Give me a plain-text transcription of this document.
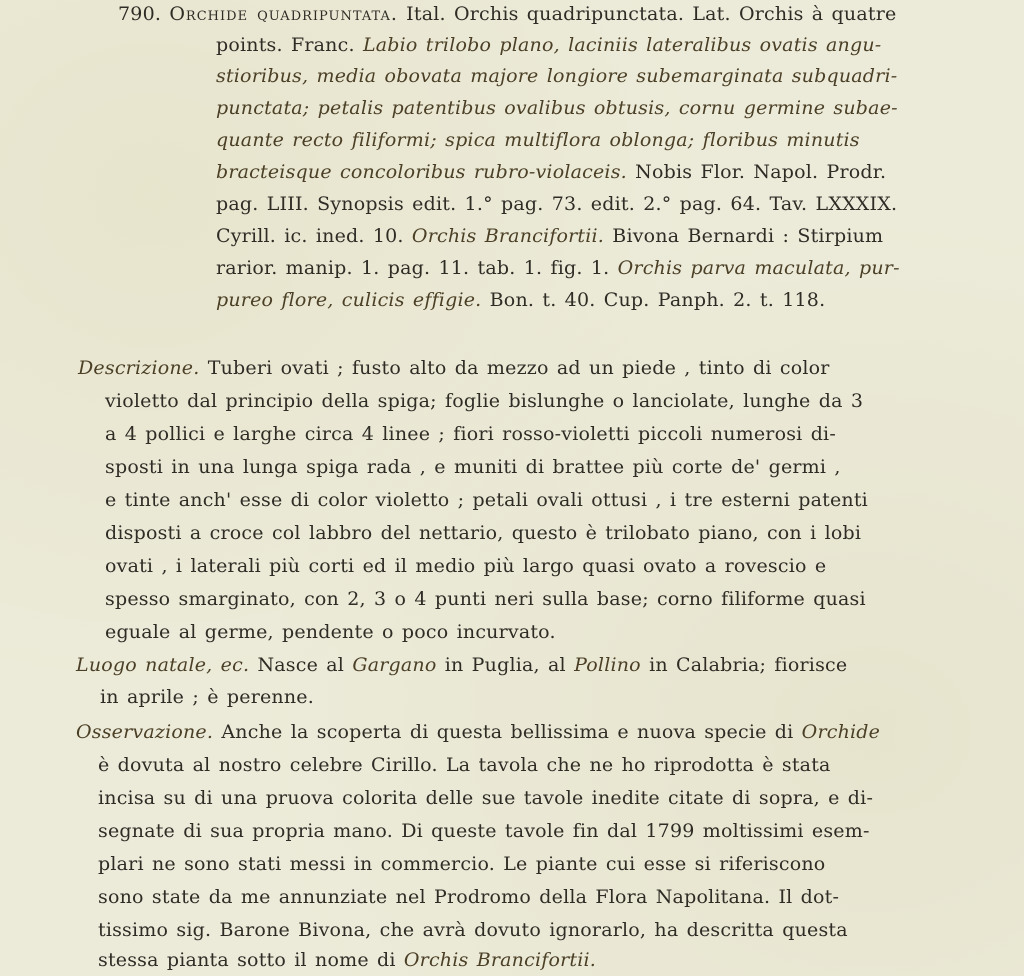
790. Orchide quadripuntata. Ital. Orchis quadripunctata. Lat. Orchis à quatre
points. Franc. Labio trilobo plano, laciniis lateralibus ovatis angu-
stioribus, media obovata majore longiore subemarginata subquadri-
punctata; petalis patentibus ovalibus obtusis, cornu germine subae-
quante recto filiformi; spica multiflora oblonga; floribus minutis
bracteisque concoloribus rubro-violaceis. Nobis Flor. Napol. Prodr.
pag. LIII. Synopsis edit. 1.° pag. 73. edit. 2.° pag. 64. Tav. LXXXIX.
Cyrill. ic. ined. 10. Orchis Brancifortii. Bivona Bernardi : Stirpium
rarior. manip. 1. pag. 11. tab. 1. fig. 1. Orchis parva maculata, pur-
pureo flore, culicis effigie. Bon. t. 40. Cup. Panph. 2. t. 118.
Descrizione. Tuberi ovati ; fusto alto da mezzo ad un piede , tinto di color
violetto dal principio della spiga; foglie bislunghe o lanciolate, lunghe da 3
a 4 pollici e larghe circa 4 linee ; fiori rosso-violetti piccoli numerosi di-
sposti in una lunga spiga rada , e muniti di brattee più corte de' germi ,
e tinte anch' esse di color violetto ; petali ovali ottusi , i tre esterni patenti
disposti a croce col labbro del nettario, questo è trilobato piano, con i lobi
ovati , i laterali più corti ed il medio più largo quasi ovato a rovescio e
spesso smarginato, con 2, 3 o 4 punti neri sulla base; corno filiforme quasi
eguale al germe, pendente o poco incurvato.
Luogo natale, ec. Nasce al Gargano in Puglia, al Pollino in Calabria; fiorisce
in aprile ; è perenne.
Osservazione. Anche la scoperta di questa bellissima e nuova specie di Orchide
è dovuta al nostro celebre Cirillo. La tavola che ne ho riprodotta è stata
incisa su di una pruova colorita delle sue tavole inedite citate di sopra, e di-
segnate di sua propria mano. Di queste tavole fin dal 1799 moltissimi esem-
plari ne sono stati messi in commercio. Le piante cui esse si riferiscono
sono state da me annunziate nel Prodromo della Flora Napolitana. Il dot-
tissimo sig. Barone Bivona, che avrà dovuto ignorarlo, ha descritta questa
stessa pianta sotto il nome di Orchis Brancifortii.
